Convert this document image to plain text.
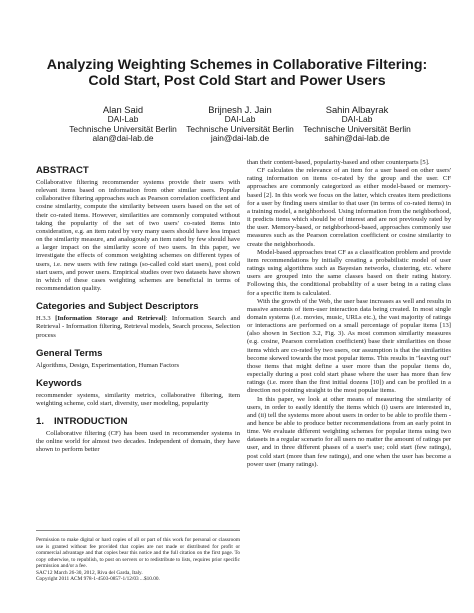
Analyzing Weighting Schemes in Collaborative Filtering:
Cold Start, Post Cold Start and Power Users
Alan Said
DAI-Lab
Technische Universität Berlin
alan@dai-lab.de
Brijnesh J. Jain
DAI-Lab
Technische Universität Berlin
jain@dai-lab.de
Sahin Albayrak
DAI-Lab
Technische Universität Berlin
sahin@dai-lab.de
ABSTRACT

Collaborative filtering recommender systems provide their users with relevant items based on information from other similar users. Popular collaborative filtering approaches such as Pearson correlation coefficient and cosine similarity, compute the similarity between users based on the set of their co-rated items. However, similarities are commonly computed without taking the popularity of the set of two users' co-rated items into consideration, e.g. an item rated by very many users should have less impact on the similarity measure, and analogously an item rated by few should have a larger impact on the similarity score of two users. In this paper, we investigate the effects of common weighting schemes on different types of users, i.e. new users with few ratings (so-called cold start users), post cold start users, and power users. Empirical studies over two datasets have shown in which of these cases weighting schemes are beneficial in terms of recommendation quality.

Categories and Subject Descriptors

H.3.3 [Information Storage and Retrieval]: Information Search and Retrieval - Information filtering, Retrieval models, Search process, Selection process

General Terms

Algorithms, Design, Experimentation, Human Factors

Keywords

recommender systems, similarity metrics, collaborative filtering, item weighting scheme, cold start, diversity, user modeling, popularity

1.	INTRODUCTION

Collaborative filtering (CF) has been used in recommender systems in the online world for almost two decades. Independent of domain, they have shown to perform better

Permission to make digital or hard copies of all or part of this work for personal or classroom use is granted without fee provided that copies are not made or distributed for profit or commercial advantage and that copies bear this notice and the full citation on the first page. To copy otherwise, to republish, to post on servers or to redistribute to lists, requires prior specific permission and/or a fee.

SAC'12 March 26-30, 2012, Riva del Garda, Italy.

Copyright 2011 ACM 978-1-4503-0857-1/12/03 ...$10.00.

than their content-based, popularity-based and other counterparts [5].

CF calculates the relevance of an item for a user based on other users' rating information on items co-rated by the group and the user. CF approaches are commonly categorized as either model-based or memory-based [2]. In this work we focus on the latter, which creates item predictions for a user by finding users similar to that user (in terms of co-rated items) in a training model, a neighborhood. Using information from the neighborhood, it predicts items which should be of interest and are not previously rated by the user. Memory-based, or neighborhood-based, approaches commonly use measures such as the Pearson correlation coefficient or cosine similarity to create the neighborhoods.

Model-based approaches treat CF as a classification problem and provide item recommendations by initially creating a probabilistic model of user ratings using algorithms such as Bayesian networks, clustering, etc. where users are grouped into the same classes based on their rating history. Following this, the conditional probability of a user being in a rating class for a specific item is calculated.

With the growth of the Web, the user base increases as well and results in massive amounts of item-user interaction data being created. In most single domain systems (i.e. movies, music, URLs etc.), the vast majority of ratings or interactions are performed on a small percentage of popular items [13] (also shown in Section 3.2, Fig. 3). As most common similarity measures (e.g. cosine, Pearson correlation coefficient) base their similarities on those items which are co-rated by two users, our assumption is that the similarities become skewed towards the most popular items. This results in "leaving out" those items that might define a user more than the popular items do, especially during a post cold start phase where the user has more than few ratings (i.e. more than the first initial dozens [10]) and can be profiled in a direction not pointing straight to the most popular items.

In this paper, we look at other means of measuring the similarity of users, in order to easily identify the items which (i) users are interested in, and (ii) tell the systems more about users in order to be able to profile them - and hence be able to produce better recommendations from an early point in time. We evaluate different weighting schemes for popular items using two datasets in a regular scenario for all users no matter the amount of ratings per user, and in three different phases of a user's use; cold start (few ratings), post cold start (more than few ratings), and one when the user has become a power user (many ratings).
